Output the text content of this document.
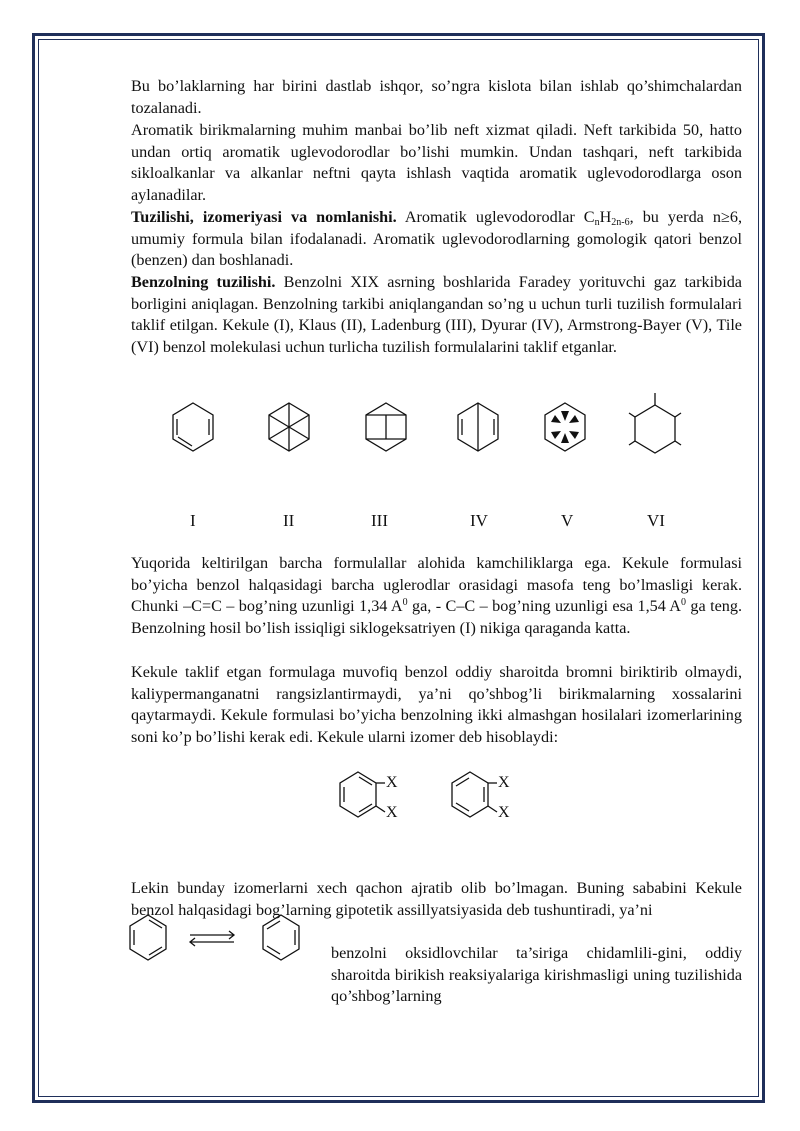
Bu bo’laklarning har birini dastlab ishqor, so’ngra kislota bilan ishlab qo’shimchalardan tozalanadi.

Aromatik birikmalarning muhim manbai bo’lib neft xizmat qiladi. Neft tarkibida 50, hatto undan ortiq aromatik uglevodorodlar bo’lishi mumkin. Undan tashqari, neft tarkibida sikloalkanlar va alkanlar neftni qayta ishlash vaqtida aromatik uglevodorodlarga oson aylanadilar.

Tuzilishi, izomeriyasi va nomlanishi. Aromatik uglevodorodlar $C_nH_{2n-6}$, bu yerda n≥6, umumiy formula bilan ifodalanadi. Aromatik uglevodorodlarning gomologik qatori benzol (benzen) dan boshlanadi.

Benzolning tuzilishi. Benzolni XIX asrning boshlarida Faradey yorituvchi gaz tarkibida borligini aniqlagan. Benzolning tarkibi aniqlangandan so’ng u uchun turli tuzilish formulalari taklif etilgan. Kekule (I), Klaus (II), Ladenburg (III), Dyurar (IV), Armstrong-Bayer (V), Tile (VI) benzol molekulasi uchun turlicha tuzilish formulalarini taklif etganlar.

I	II	III	IV	V	VI

Yuqorida keltirilgan barcha formulallar alohida kamchiliklarga ega. Kekule formulasi bo’yicha benzol halqasidagi barcha uglerodlar orasidagi masofa teng bo’lmasligi kerak. Chunki –C=C – bog’ning uzunligi 1,34 $A^0$ ga, - C–C – bog’ning uzunligi esa 1,54 $A^0$ ga teng. Benzolning hosil bo’lish issiqligi siklogeksatriyen (I) nikiga qaraganda katta.

Kekule taklif etgan formulaga muvofiq benzol oddiy sharoitda bromni biriktirib olmaydi, kaliypermanganatni rangsizlantirmaydi, ya’ni qo’shbog’li birikmalarning xossalarini qaytarmaydi. Kekule formulasi bo’yicha benzolning ikki almashgan hosilalari izomerlarining soni ko’p bo’lishi kerak edi. Kekule ularni izomer deb hisoblaydi:

X
X
X
X

Lekin bunday izomerlarni xech qachon ajratib olib bo’lmagan. Buning sababini Kekule benzol halqasidagi bog’larning gipotetik assillyatsiyasida deb tushuntiradi, ya’ni

benzolni oksidlovchilar ta’siriga chidamlili-gini, oddiy sharoitda birikish reaksiyalariga kirishmasligi uning tuzilishida qo’shbog’larning
